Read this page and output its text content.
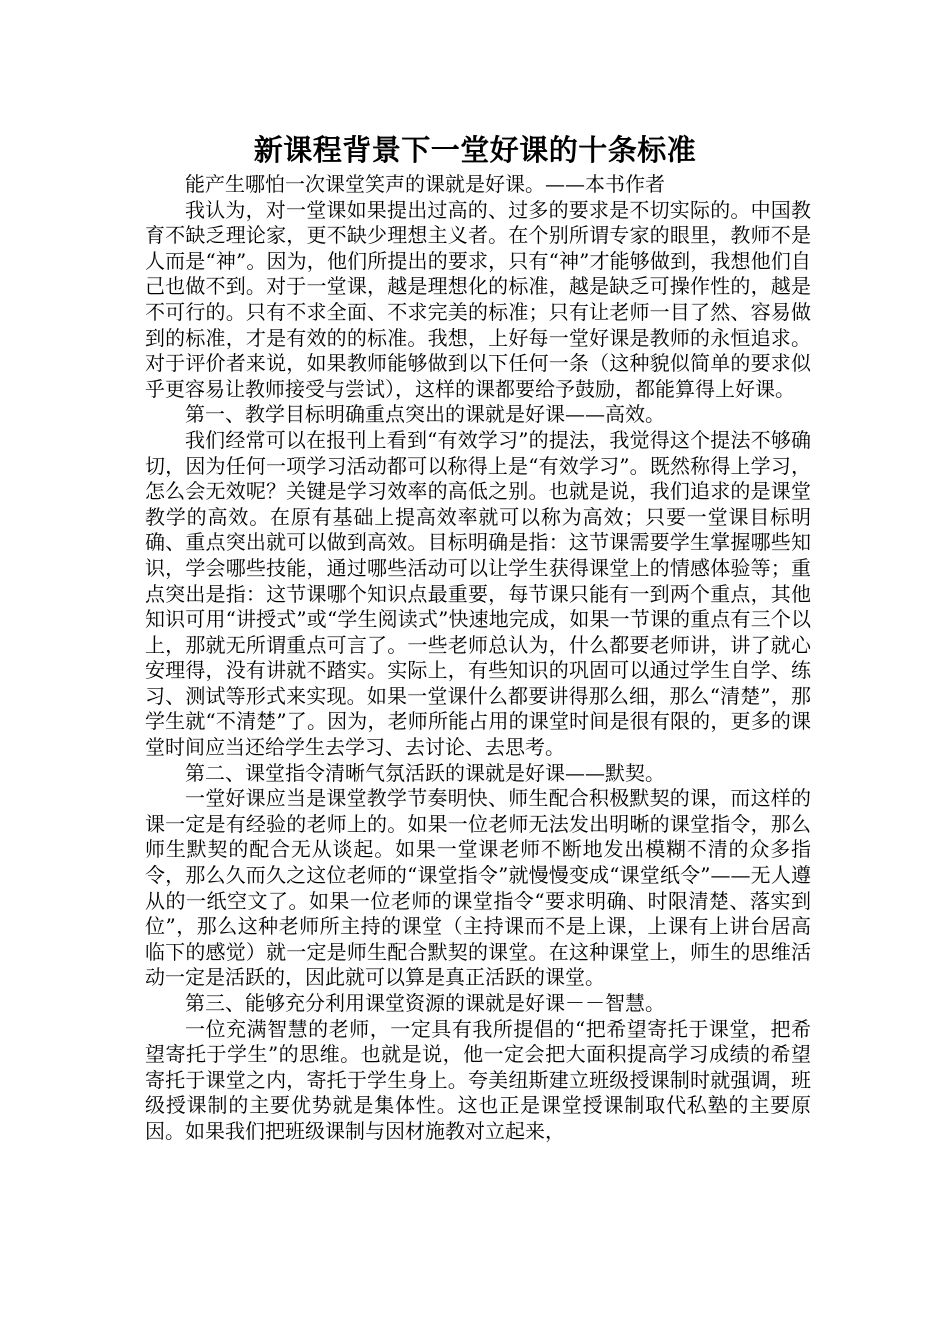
新课程背景下一堂好课的十条标准

能产生哪怕一次课堂笑声的课就是好课。——本书作者

我认为，对一堂课如果提出过高的、过多的要求是不切实际的。中国教育不缺乏理论家，更不缺少理想主义者。在个别所谓专家的眼里，教师不是人而是“神”。因为，他们所提出的要求，只有“神”才能够做到，我想他们自己也做不到。对于一堂课，越是理想化的标准，越是缺乏可操作性的，越是不可行的。只有不求全面、不求完美的标准；只有让老师一目了然、容易做到的标准，才是有效的的标准。我想，上好每一堂好课是教师的永恒追求。对于评价者来说，如果教师能够做到以下任何一条（这种貌似简单的要求似乎更容易让教师接受与尝试），这样的课都要给予鼓励，都能算得上好课。

第一、教学目标明确重点突出的课就是好课——高效。

我们经常可以在报刊上看到“有效学习”的提法，我觉得这个提法不够确切，因为任何一项学习活动都可以称得上是“有效学习”。既然称得上学习，怎么会无效呢？关键是学习效率的高低之别。也就是说，我们追求的是课堂教学的高效。在原有基础上提高效率就可以称为高效；只要一堂课目标明确、重点突出就可以做到高效。目标明确是指：这节课需要学生掌握哪些知识，学会哪些技能，通过哪些活动可以让学生获得课堂上的情感体验等；重点突出是指：这节课哪个知识点最重要，每节课只能有一到两个重点，其他知识可用“讲授式”或“学生阅读式”快速地完成，如果一节课的重点有三个以上，那就无所谓重点可言了。一些老师总认为，什么都要老师讲，讲了就心安理得，没有讲就不踏实。实际上，有些知识的巩固可以通过学生自学、练习、测试等形式来实现。如果一堂课什么都要讲得那么细，那么“清楚”，那学生就“不清楚”了。因为，老师所能占用的课堂时间是很有限的，更多的课堂时间应当还给学生去学习、去讨论、去思考。

第二、课堂指令清晰气氛活跃的课就是好课——默契。

一堂好课应当是课堂教学节奏明快、师生配合积极默契的课，而这样的课一定是有经验的老师上的。如果一位老师无法发出明晰的课堂指令，那么师生默契的配合无从谈起。如果一堂课老师不断地发出模糊不清的众多指令，那么久而久之这位老师的“课堂指令”就慢慢变成“课堂纸令”——无人遵从的一纸空文了。如果一位老师的课堂指令“要求明确、时限清楚、落实到位”，那么这种老师所主持的课堂（主持课而不是上课，上课有上讲台居高临下的感觉）就一定是师生配合默契的课堂。在这种课堂上，师生的思维活动一定是活跃的，因此就可以算是真正活跃的课堂。

第三、能够充分利用课堂资源的课就是好课－－智慧。

一位充满智慧的老师，一定具有我所提倡的“把希望寄托于课堂，把希望寄托于学生”的思维。也就是说，他一定会把大面积提高学习成绩的希望寄托于课堂之内，寄托于学生身上。夸美纽斯建立班级授课制时就强调，班级授课制的主要优势就是集体性。这也正是课堂授课制取代私塾的主要原因。如果我们把班级课制与因材施教对立起来，
